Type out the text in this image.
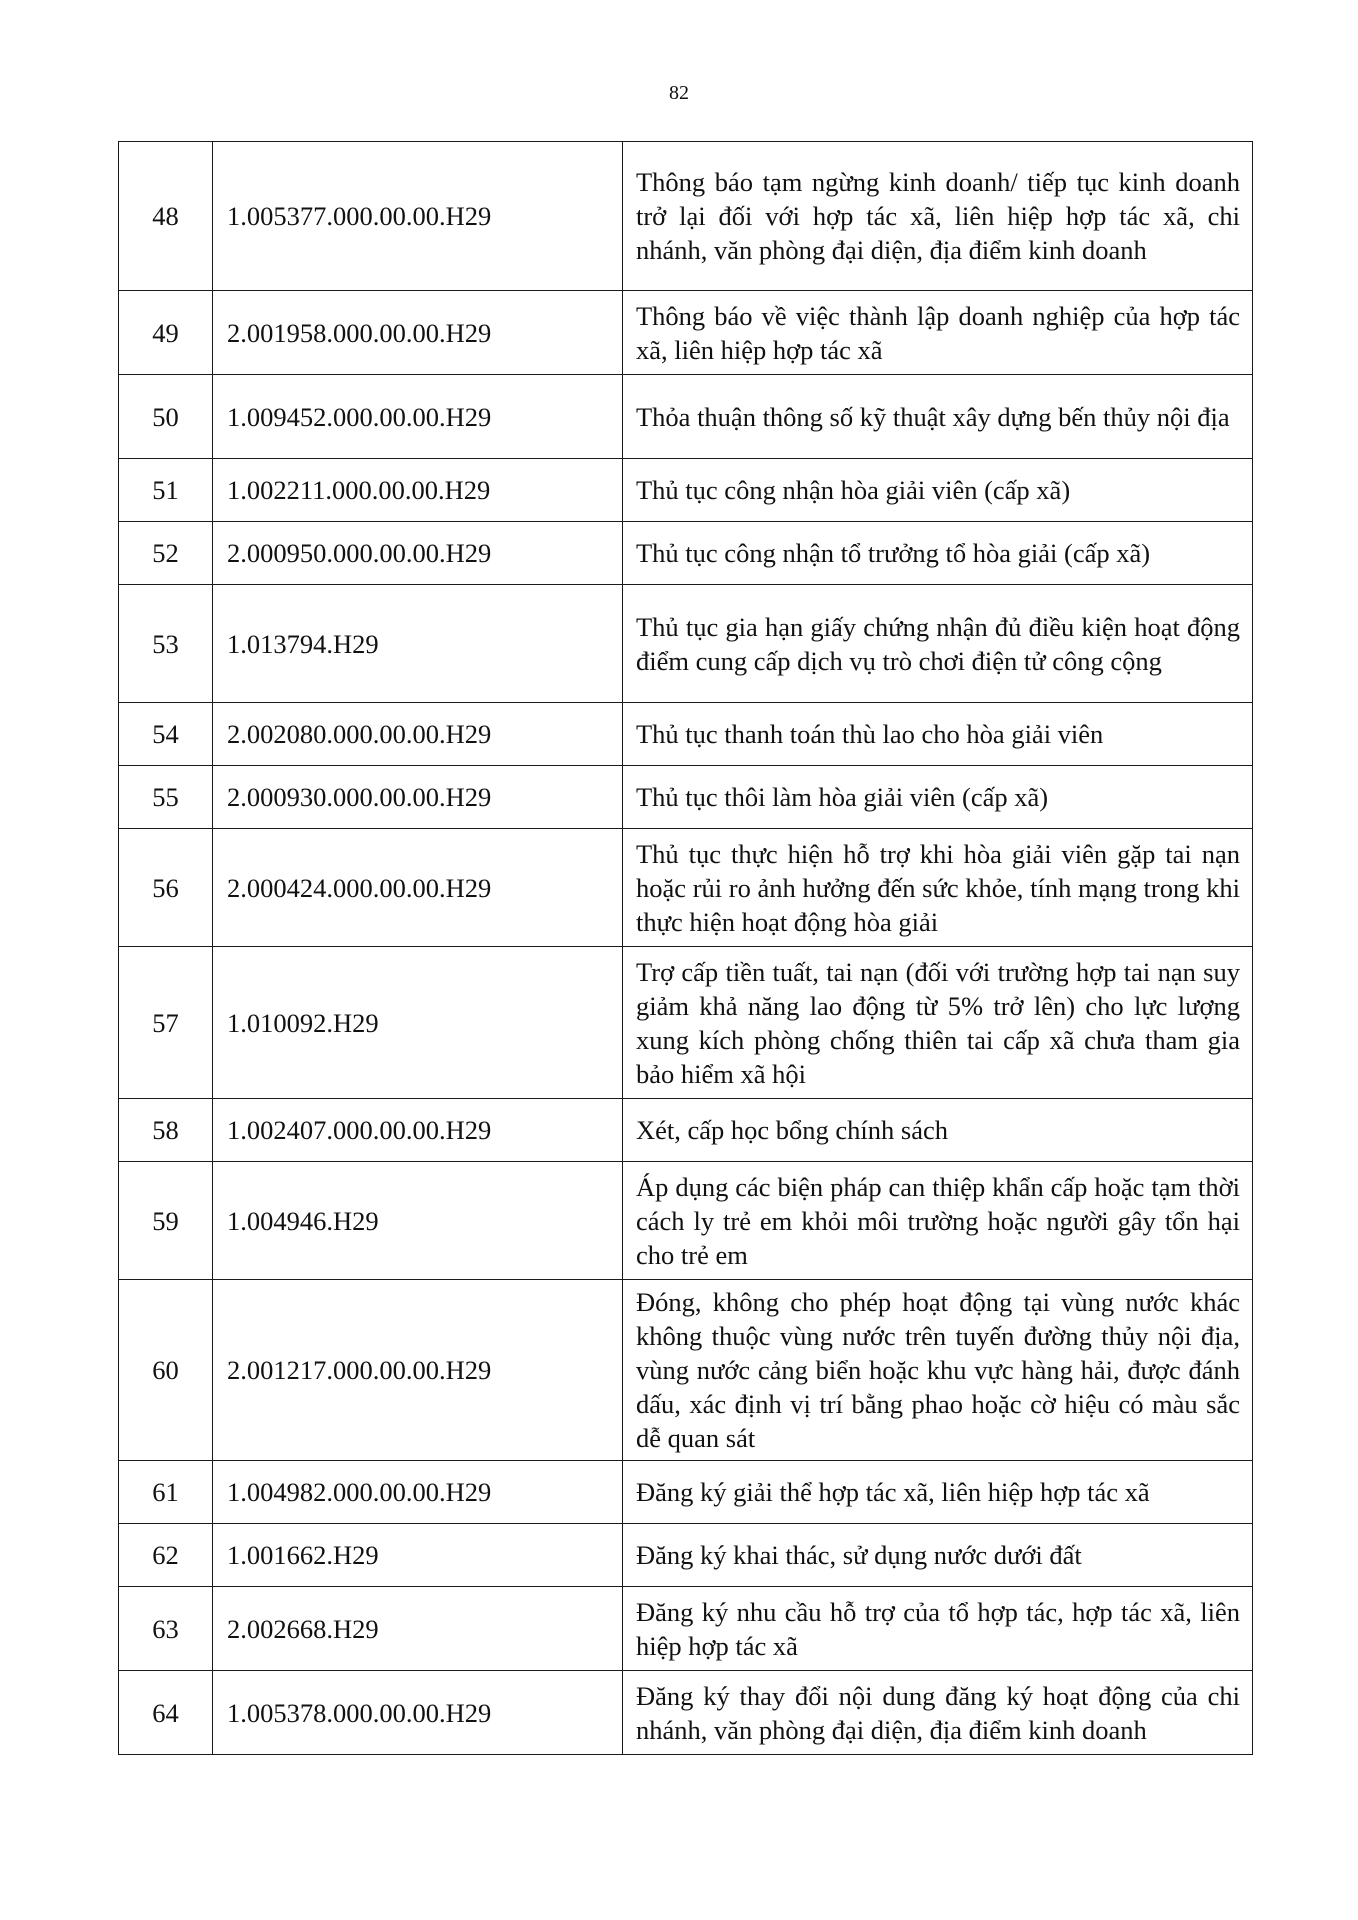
82
48	1.005377.000.00.00.H29	Thông báo tạm ngừng kinh doanh/ tiếp tục kinh doanh trở lại đối với hợp tác xã, liên hiệp hợp tác xã, chi nhánh, văn phòng đại diện, địa điểm kinh doanh
49	2.001958.000.00.00.H29	Thông báo về việc thành lập doanh nghiệp của hợp tác xã, liên hiệp hợp tác xã
50	1.009452.000.00.00.H29	Thỏa thuận thông số kỹ thuật xây dựng bến thủy nội địa
51	1.002211.000.00.00.H29	Thủ tục công nhận hòa giải viên (cấp xã)
52	2.000950.000.00.00.H29	Thủ tục công nhận tổ trưởng tổ hòa giải (cấp xã)
53	1.013794.H29	Thủ tục gia hạn giấy chứng nhận đủ điều kiện hoạt động điểm cung cấp dịch vụ trò chơi điện tử công cộng
54	2.002080.000.00.00.H29	Thủ tục thanh toán thù lao cho hòa giải viên
55	2.000930.000.00.00.H29	Thủ tục thôi làm hòa giải viên (cấp xã)
56	2.000424.000.00.00.H29	Thủ tục thực hiện hỗ trợ khi hòa giải viên gặp tai nạn hoặc rủi ro ảnh hưởng đến sức khỏe, tính mạng trong khi thực hiện hoạt động hòa giải
57	1.010092.H29	Trợ cấp tiền tuất, tai nạn (đối với trường hợp tai nạn suy giảm khả năng lao động từ 5% trở lên) cho lực lượng xung kích phòng chống thiên tai cấp xã chưa tham gia bảo hiểm xã hội
58	1.002407.000.00.00.H29	Xét, cấp học bổng chính sách
59	1.004946.H29	Áp dụng các biện pháp can thiệp khẩn cấp hoặc tạm thời cách ly trẻ em khỏi môi trường hoặc người gây tổn hại cho trẻ em
60	2.001217.000.00.00.H29	Đóng, không cho phép hoạt động tại vùng nước khác không thuộc vùng nước trên tuyến đường thủy nội địa, vùng nước cảng biển hoặc khu vực hàng hải, được đánh dấu, xác định vị trí bằng phao hoặc cờ hiệu có màu sắc dễ quan sát
61	1.004982.000.00.00.H29	Đăng ký giải thể hợp tác xã, liên hiệp hợp tác xã
62	1.001662.H29	Đăng ký khai thác, sử dụng nước dưới đất
63	2.002668.H29	Đăng ký nhu cầu hỗ trợ của tổ hợp tác, hợp tác xã, liên hiệp hợp tác xã
64	1.005378.000.00.00.H29	Đăng ký thay đổi nội dung đăng ký hoạt động của chi nhánh, văn phòng đại diện, địa điểm kinh doanh
